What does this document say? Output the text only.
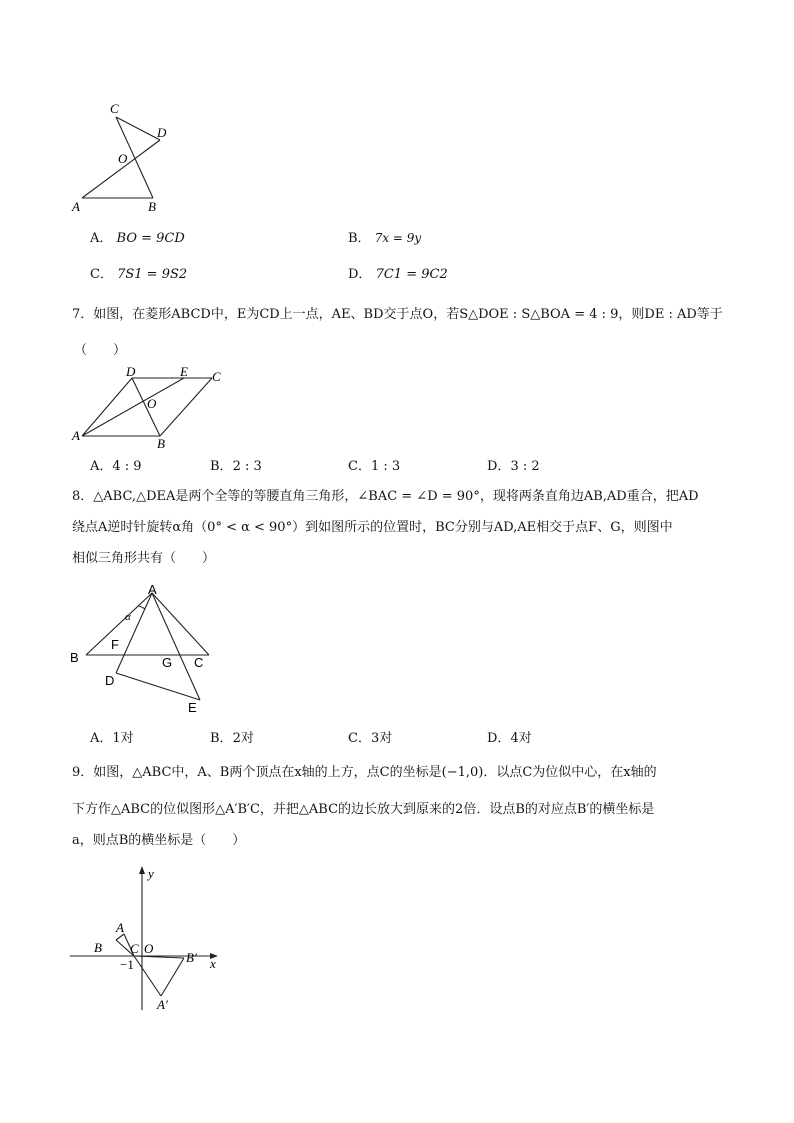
C
D
O
A	B
A． BO = 9CD	B． 7x = 9y
C． 7S1 = 9S2	D． 7C1 = 9C2
7．如图，在菱形ABCD中，E为CD上一点，AE、BD交于点O，若S△DOE : S△BOA = 4 : 9，则DE : AD等于
（　　）
D	E C
O
A
B
A．4 : 9	B．2 : 3	C．1 : 3	D．3 : 2
8．△ABC,△DEA是两个全等的等腰直角三角形，∠BAC = ∠D = 90°，现将两条直角边AB,AD重合，把AD
绕点A逆时针旋转α角（0° < α < 90°）到如图所示的位置时，BC分别与AD,AE相交于点F、G，则图中
相似三角形共有（　　）
A
α
F
B	G C
D
E
A．1对	B．2对	C．3对	D．4对
9．如图，△ABC中，A、B两个顶点在x轴的上方，点C的坐标是(−1,0)．以点C为位似中心，在x轴的
下方作△ABC的位似图形△A′B′C，并把△ABC的边长放大到原来的2倍．设点B的对应点B′的横坐标是
a，则点B的横坐标是（　　）
y
x
A
B C O
−1	B′
A′
